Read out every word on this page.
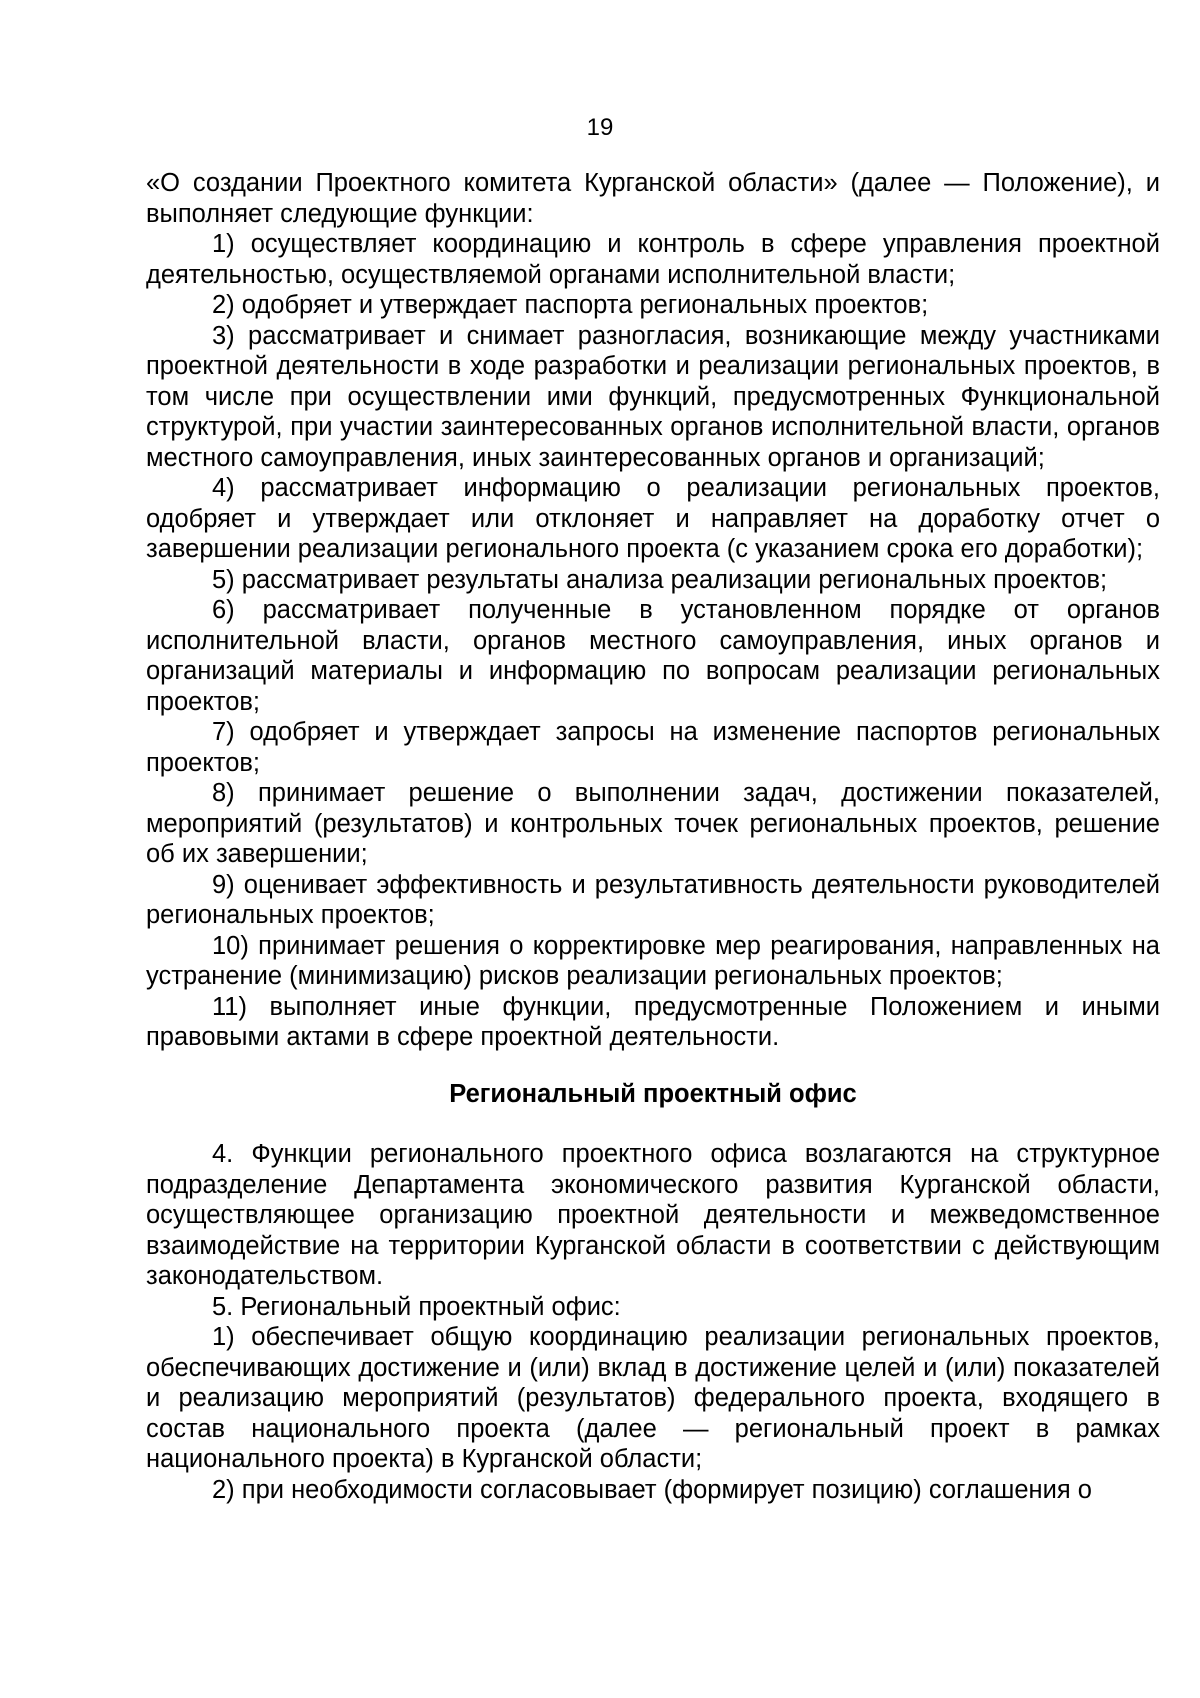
19

«О создании Проектного комитета Курганской области» (далее — Положение), и выполняет следующие функции:

1) осуществляет координацию и контроль в сфере управления проектной деятельностью, осуществляемой органами исполнительной власти;

2) одобряет и утверждает паспорта региональных проектов;

3) рассматривает и снимает разногласия, возникающие между участниками проектной деятельности в ходе разработки и реализации региональных проектов, в том числе при осуществлении ими функций, предусмотренных Функциональной структурой, при участии заинтересованных органов исполнительной власти, органов местного самоуправления, иных заинтересованных органов и организаций;

4) рассматривает информацию о реализации региональных проектов, одобряет и утверждает или отклоняет и направляет на доработку отчет о завершении реализации регионального проекта (с указанием срока его доработки);

5) рассматривает результаты анализа реализации региональных проектов;

6) рассматривает полученные в установленном порядке от органов исполнительной власти, органов местного самоуправления, иных органов и организаций материалы и информацию по вопросам реализации региональных проектов;

7) одобряет и утверждает запросы на изменение паспортов региональных проектов;

8) принимает решение о выполнении задач, достижении показателей, мероприятий (результатов) и контрольных точек региональных проектов, решение об их завершении;

9) оценивает эффективность и результативность деятельности руководителей региональных проектов;

10) принимает решения о корректировке мер реагирования, направленных на устранение (минимизацию) рисков реализации региональных проектов;

11) выполняет иные функции, предусмотренные Положением и иными правовыми актами в сфере проектной деятельности.

Региональный проектный офис

4. Функции регионального проектного офиса возлагаются на структурное подразделение Департамента экономического развития Курганской области, осуществляющее организацию проектной деятельности и межведомственное взаимодействие на территории Курганской области в соответствии с действующим законодательством.

5. Региональный проектный офис:

1) обеспечивает общую координацию реализации региональных проектов, обеспечивающих достижение и (или) вклад в достижение целей и (или) показателей и реализацию мероприятий (результатов) федерального проекта, входящего в состав национального проекта (далее — региональный проект в рамках национального проекта) в Курганской области;

2) при необходимости согласовывает (формирует позицию) соглашения о
